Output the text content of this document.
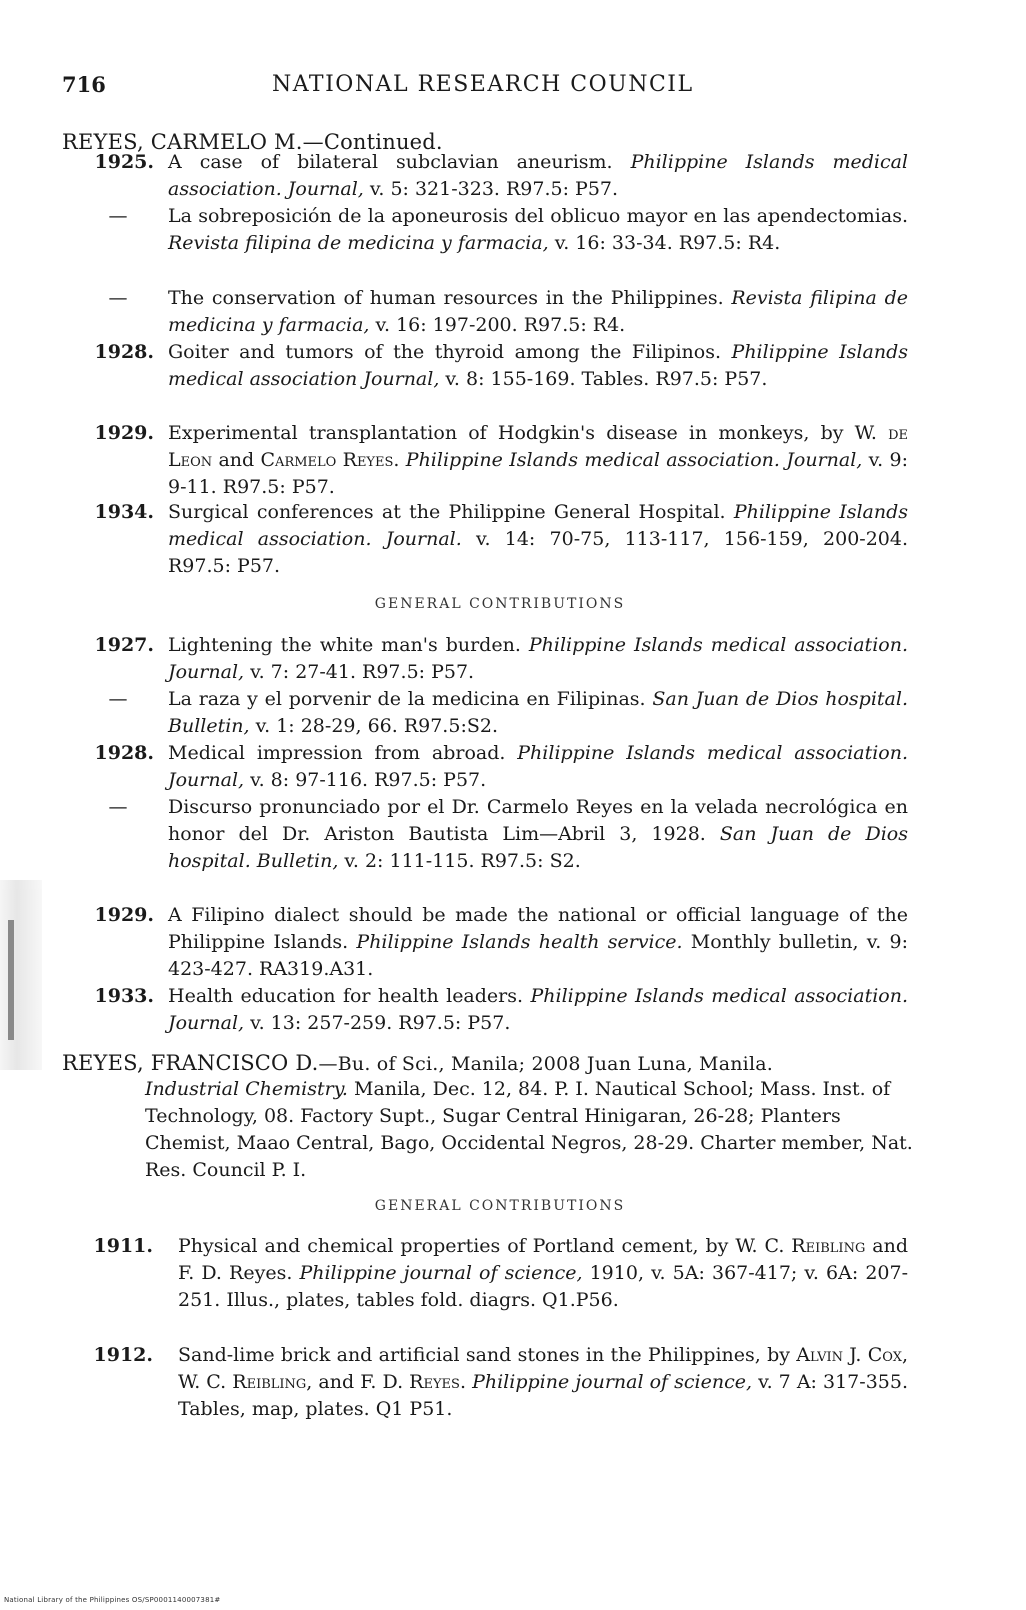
716	NATIONAL RESEARCH COUNCIL
REYES, CARMELO M.—Continued.
1925. A case of bilateral subclavian aneurism. Philippine Islands medical association. Journal, v. 5: 321-323. R97.5: P57.
—	La sobreposición de la aponeurosis del oblicuo mayor en las apendectomias. Revista filipina de medicina y farmacia, v. 16: 33-34. R97.5: R4.
—	The conservation of human resources in the Philippines. Revista filipina de medicina y farmacia, v. 16: 197-200. R97.5: R4.
1928. Goiter and tumors of the thyroid among the Filipinos. Philippine Islands medical association Journal, v. 8: 155-169. Tables. R97.5: P57.
1929. Experimental transplantation of Hodgkin's disease in monkeys, by W. de Leon and Carmelo Reyes. Philippine Islands medical association. Journal, v. 9: 9-11. R97.5: P57.
1934. Surgical conferences at the Philippine General Hospital. Philippine Islands medical association. Journal. v. 14: 70-75, 113-117, 156-159, 200-204. R97.5: P57.
GENERAL CONTRIBUTIONS
1927. Lightening the white man's burden. Philippine Islands medical association. Journal, v. 7: 27-41. R97.5: P57.
—	La raza y el porvenir de la medicina en Filipinas. San Juan de Dios hospital. Bulletin, v. 1: 28-29, 66. R97.5:S2.
1928. Medical impression from abroad. Philippine Islands medical association. Journal, v. 8: 97-116. R97.5: P57.
—	Discurso pronunciado por el Dr. Carmelo Reyes en la velada necrológica en honor del Dr. Ariston Bautista Lim—Abril 3, 1928. San Juan de Dios hospital. Bulletin, v. 2: 111-115. R97.5: S2.
1929. A Filipino dialect should be made the national or official language of the Philippine Islands. Philippine Islands health service. Monthly bulletin, v. 9: 423-427. RA319.A31.
1933. Health education for health leaders. Philippine Islands medical association. Journal, v. 13: 257-259. R97.5: P57.
REYES, FRANCISCO D.—Bu. of Sci., Manila; 2008 Juan Luna, Manila.
Industrial Chemistry. Manila, Dec. 12, 84. P. I. Nautical School; Mass. Inst. of Technology, 08. Factory Supt., Sugar Central Hinigaran, 26-28; Planters Chemist, Maao Central, Bago, Occidental Negros, 28-29. Charter member, Nat. Res. Council P. I.
GENERAL CONTRIBUTIONS
1911. Physical and chemical properties of Portland cement, by W. C. Reibling and F. D. Reyes. Philippine journal of science, 1910, v. 5A: 367-417; v. 6A: 207-251. Illus., plates, tables fold. diagrs. Q1.P56.
1912. Sand-lime brick and artificial sand stones in the Philippines, by Alvin J. Cox, W. C. Reibling, and F. D. Reyes. Philippine journal of science, v. 7 A: 317-355. Tables, map, plates. Q1 P51.
National Library of the Philippines OS/SP0001140007381#
